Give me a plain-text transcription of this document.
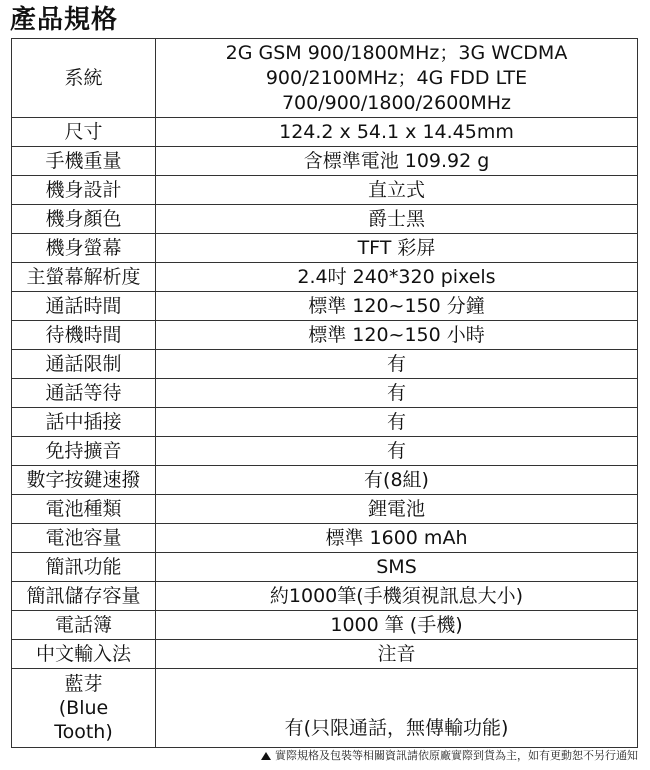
產品規格
系統	2G GSM 900/1800MHz；3G WCDMA 900/2100MHz；4G FDD LTE 700/900/1800/2600MHz
尺寸	124.2 x 54.1 x 14.45mm
手機重量	含標準電池 109.92 g
機身設計	直立式
機身顏色	爵士黑
機身螢幕	TFT 彩屏
主螢幕解析度	2.4吋 240*320 pixels
通話時間	標準 120~150 分鐘
待機時間	標準 120~150 小時
通話限制	有
通話等待	有
話中插接	有
免持擴音	有
數字按鍵速撥	有(8組)
電池種類	鋰電池
電池容量	標準 1600 mAh
簡訊功能	SMS
簡訊儲存容量	約1000筆(手機須視訊息大小)
電話簿	1000 筆 (手機)
中文輸入法	注音
藍芽 (Blue Tooth)	有(只限通話，無傳輸功能)
實際規格及包裝等相關資訊請依原廠實際到貨為主，如有更動恕不另行通知
